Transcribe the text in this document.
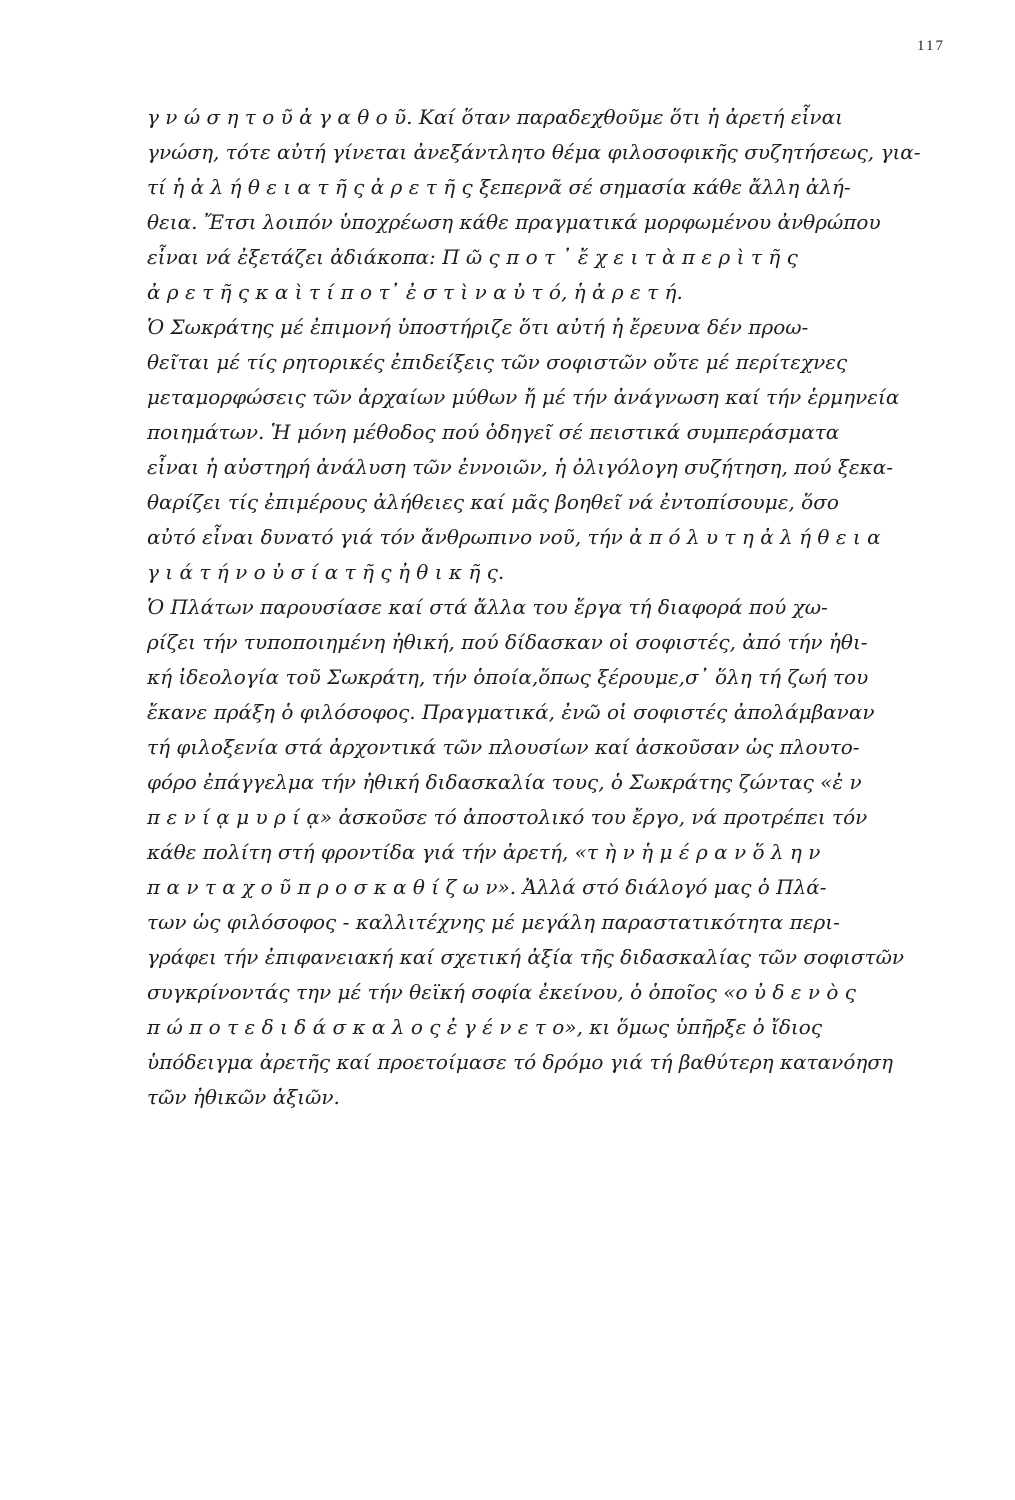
117
γ ν ώ σ η τ ο ῦ ἀ γ α θ ο ῦ. Καί ὅταν παραδεχθοῦμε ὅτι ἡ ἀρετή εἶναι
γνώση, τότε αὐτή γίνεται ἀνεξάντλητο θέμα φιλοσοφικῆς συζητήσεως, για-
τί ἡ ἀ λ ή θ ε ι α τ ῆ ς ἀ ρ ε τ ῆ ς ξεπερνᾶ σέ σημασία κάθε ἄλλη ἀλή-
θεια. Ἔτσι λοιπόν ὑποχρέωση κάθε πραγματικά μορφωμένου ἀνθρώπου
εἶναι νά ἐξετάζει ἀδιάκοπα: Π ῶ ς π ο τ ᾽ ἔ χ ε ι τ ὰ π ε ρ ὶ τ ῆ ς
ἀ ρ ε τ ῆ ς κ α ὶ τ ί π ο τ᾽ ἐ σ τ ὶ ν α ὐ τ ό, ἡ ἀ ρ ε τ ή.
Ὁ Σωκράτης μέ ἐπιμονή ὑποστήριζε ὅτι αὐτή ἡ ἔρευνα δέν προω-
θεῖται μέ τίς ρητορικές ἐπιδείξεις τῶν σοφιστῶν οὔτε μέ περίτεχνες
μεταμορφώσεις τῶν ἀρχαίων μύθων ἤ μέ τήν ἀνάγνωση καί τήν ἑρμηνεία
ποιημάτων. Ἡ μόνη μέθοδος πού ὁδηγεῖ σέ πειστικά συμπεράσματα
εἶναι ἡ αὐστηρή ἀνάλυση τῶν ἐννοιῶν, ἡ ὀλιγόλογη συζήτηση, πού ξεκα-
θαρίζει τίς ἐπιμέρους ἀλήθειες καί μᾶς βοηθεῖ νά ἐντοπίσουμε, ὅσο
αὐτό εἶναι δυνατό γιά τόν ἄνθρωπινο νοῦ, τήν ἀ π ό λ υ τ η ἀ λ ή θ ε ι α
γ ι ά τ ή ν ο ὐ σ ί α τ ῆ ς ἠ θ ι κ ῆ ς.
Ὁ Πλάτων παρουσίασε καί στά ἄλλα του ἔργα τή διαφορά πού χω-
ρίζει τήν τυποποιημένη ἠθική, πού δίδασκαν οἱ σοφιστές, ἀπό τήν ἠθι-
κή ἰδεολογία τοῦ Σωκράτη, τήν ὁποία,ὅπως ξέρουμε,σ᾽ ὅλη τή ζωή του
ἔκανε πράξη ὁ φιλόσοφος. Πραγματικά, ἐνῶ οἱ σοφιστές ἀπολάμβαναν
τή φιλοξενία στά ἀρχοντικά τῶν πλουσίων καί ἀσκοῦσαν ὡς πλουτο-
φόρο ἐπάγγελμα τήν ἠθική διδασκαλία τους, ὁ Σωκράτης ζώντας «ἐ ν
π ε ν ί ᾳ μ υ ρ ί ᾳ» ἀσκοῦσε τό ἀποστολικό του ἔργο, νά προτρέπει τόν
κάθε πολίτη στή φροντίδα γιά τήν ἀρετή, «τ ὴ ν ἡ μ έ ρ α ν ὅ λ η ν
π α ν τ α χ ο ῦ π ρ ο σ κ α θ ί ζ ω ν». Ἀλλά στό διάλογό μας ὁ Πλά-
των ὡς φιλόσοφος - καλλιτέχνης μέ μεγάλη παραστατικότητα περι-
γράφει τήν ἐπιφανειακή καί σχετική ἀξία τῆς διδασκαλίας τῶν σοφιστῶν
συγκρίνοντάς την μέ τήν θεϊκή σοφία ἐκείνου, ὁ ὁποῖος «ο ὐ δ ε ν ὸ ς
π ώ π ο τ ε δ ι δ ά σ κ α λ ο ς ἐ γ έ ν ε τ ο», κι ὅμως ὑπῆρξε ὁ ἴδιος
ὑπόδειγμα ἀρετῆς καί προετοίμασε τό δρόμο γιά τή βαθύτερη κατανόηση
τῶν ἠθικῶν ἀξιῶν.
